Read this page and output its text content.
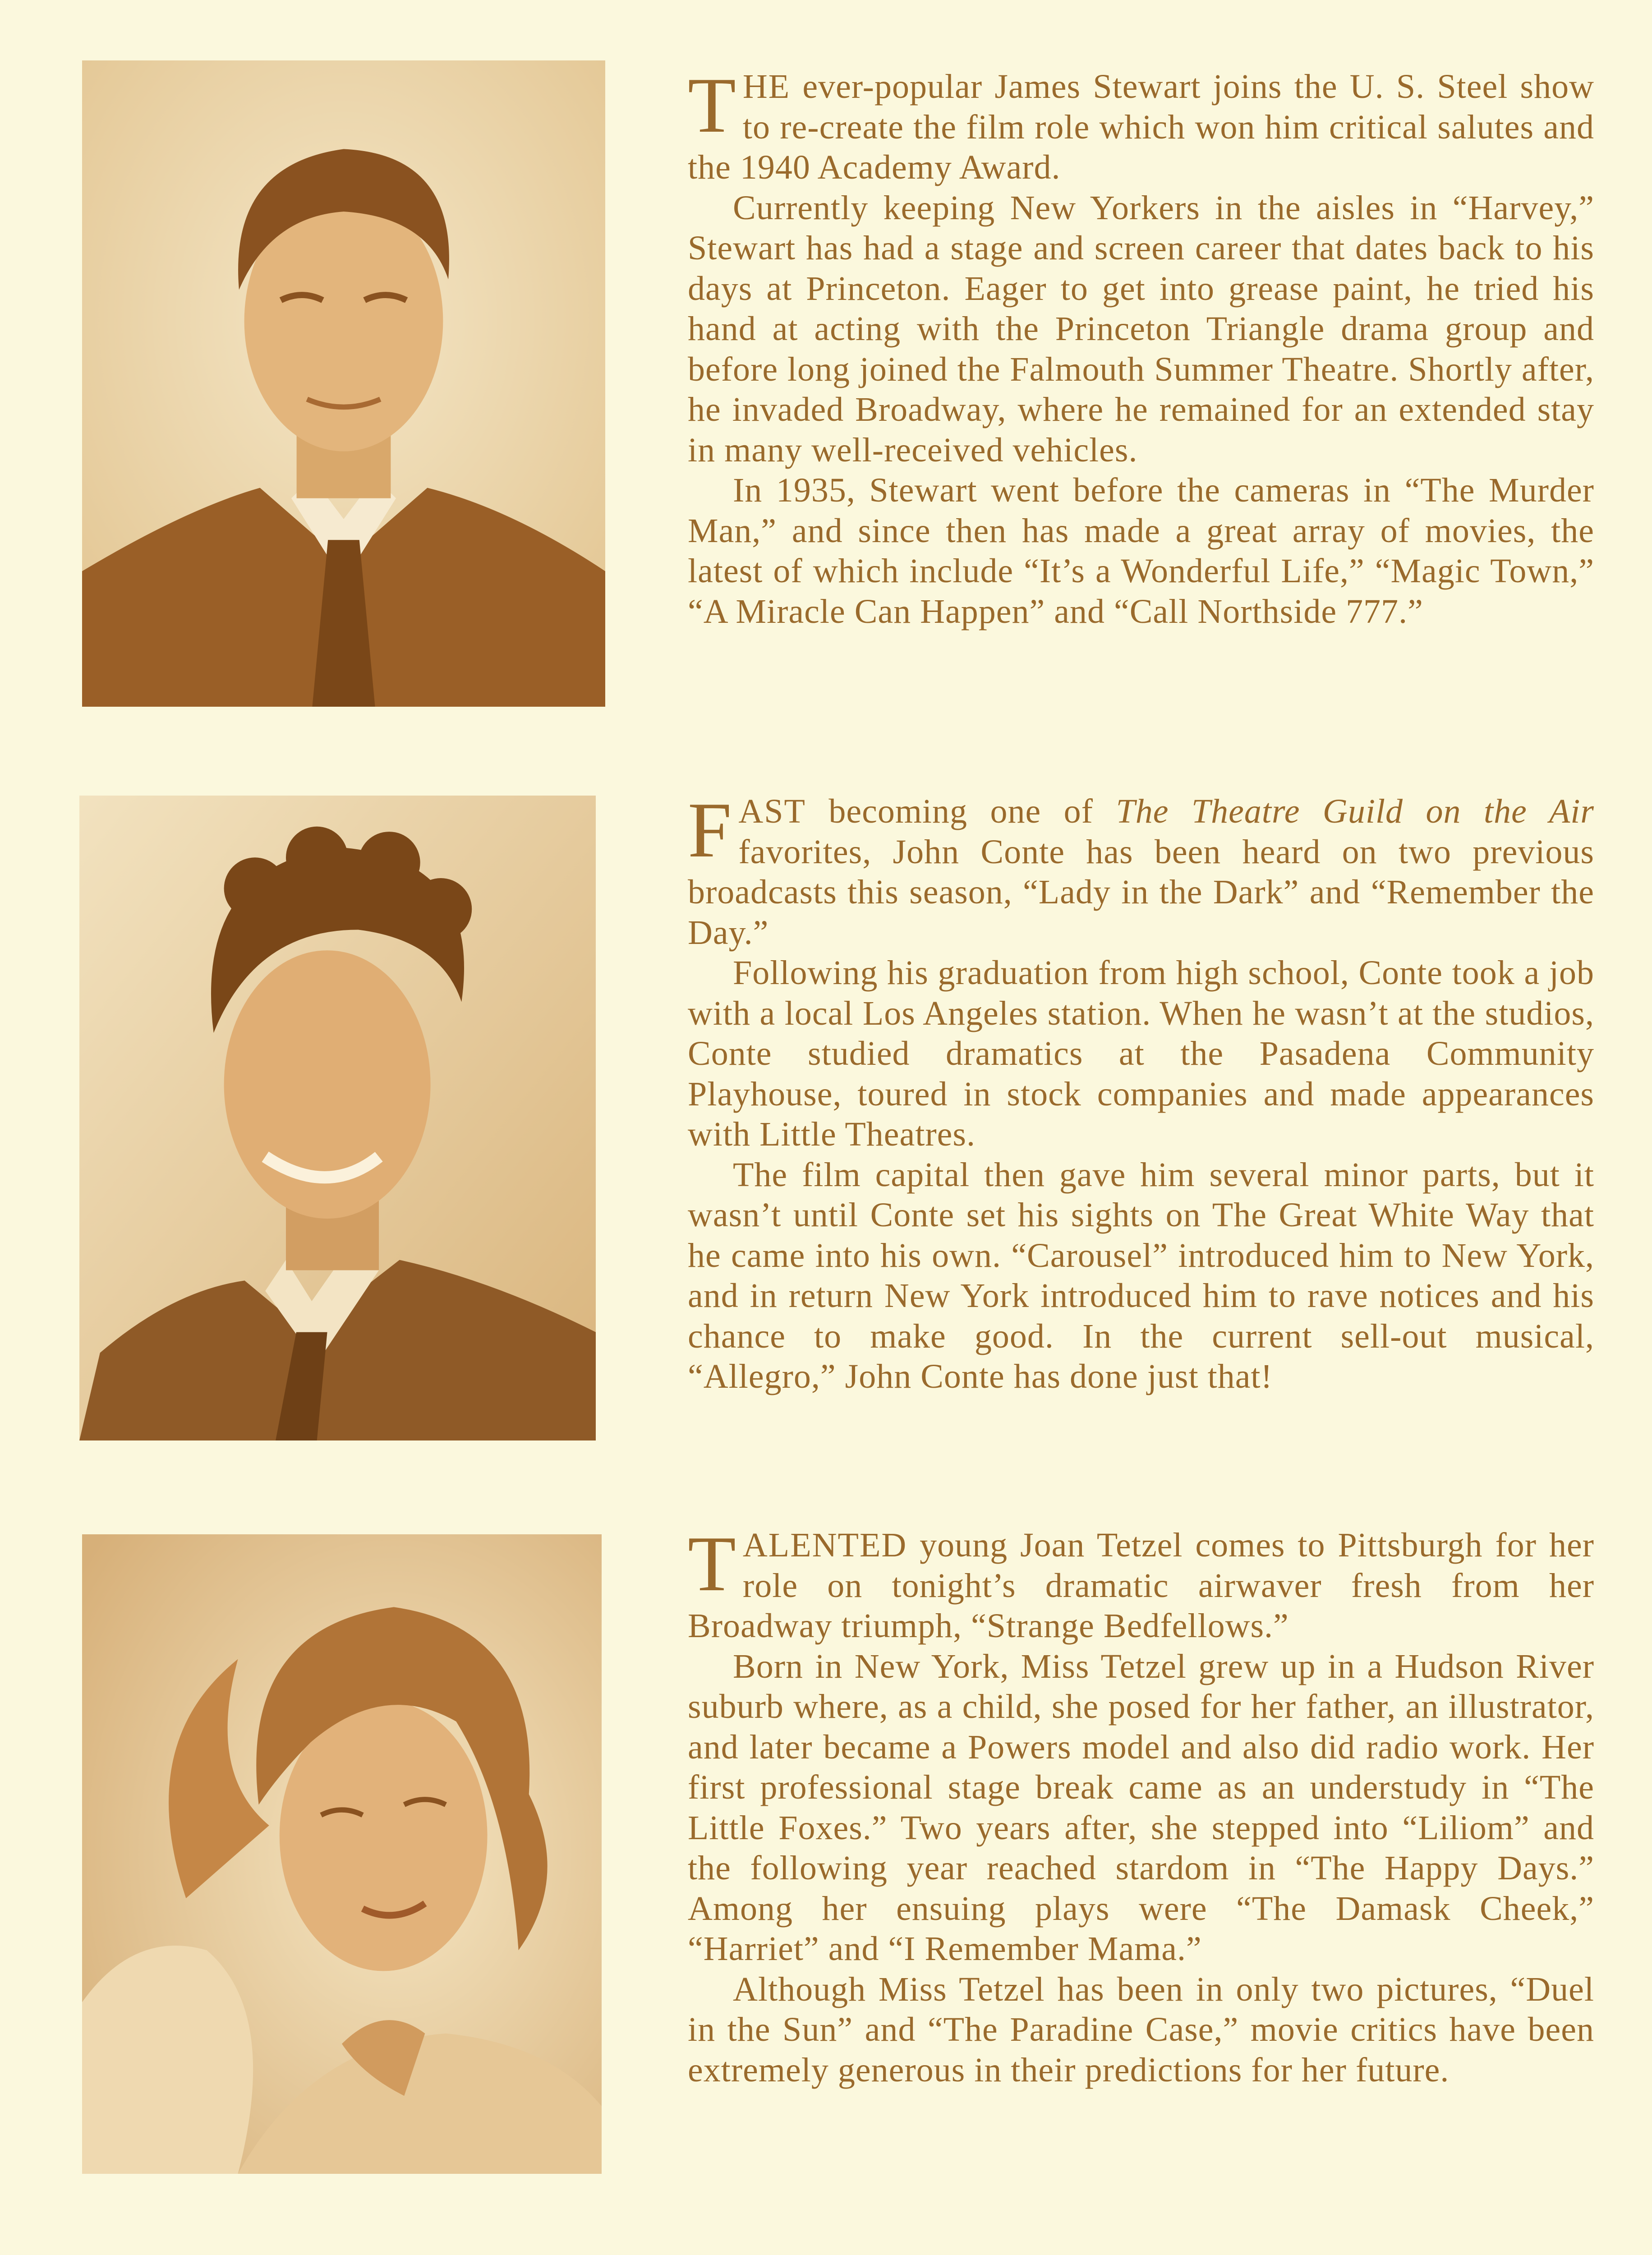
THE ever-popular James Stewart joins the U. S. Steel show to re-create the film role which won him critical salutes and the 1940 Academy Award.

Currently keeping New Yorkers in the aisles in “Harvey,” Stewart has had a stage and screen career that dates back to his days at Princeton. Eager to get into grease paint, he tried his hand at acting with the Princeton Triangle drama group and before long joined the Falmouth Summer Theatre. Shortly after, he invaded Broadway, where he remained for an extended stay in many well-received vehicles.

In 1935, Stewart went before the cameras in “The Murder Man,” and since then has made a great array of movies, the latest of which include “It’s a Wonderful Life,” “Magic Town,” “A Miracle Can Happen” and “Call Northside 777.”

FAST becoming one of The Theatre Guild on the Air favorites, John Conte has been heard on two previous broadcasts this season, “Lady in the Dark” and “Remember the Day.”

Following his graduation from high school, Conte took a job with a local Los Angeles station. When he wasn’t at the studios, Conte studied dramatics at the Pasadena Community Playhouse, toured in stock companies and made appearances with Little Theatres.

The film capital then gave him several minor parts, but it wasn’t until Conte set his sights on The Great White Way that he came into his own. “Carousel” introduced him to New York, and in return New York introduced him to rave notices and his chance to make good. In the current sell-out musical, “Allegro,” John Conte has done just that!

TALENTED young Joan Tetzel comes to Pittsburgh for her role on tonight’s dramatic airwaver fresh from her Broadway triumph, “Strange Bedfellows.”

Born in New York, Miss Tetzel grew up in a Hudson River suburb where, as a child, she posed for her father, an illustrator, and later became a Powers model and also did radio work. Her first professional stage break came as an understudy in “The Little Foxes.” Two years after, she stepped into “Liliom” and the following year reached stardom in “The Happy Days.” Among her ensuing plays were “The Damask Cheek,” “Harriet” and “I Remember Mama.”

Although Miss Tetzel has been in only two pictures, “Duel in the Sun” and “The Paradine Case,” movie critics have been extremely generous in their predictions for her future.
